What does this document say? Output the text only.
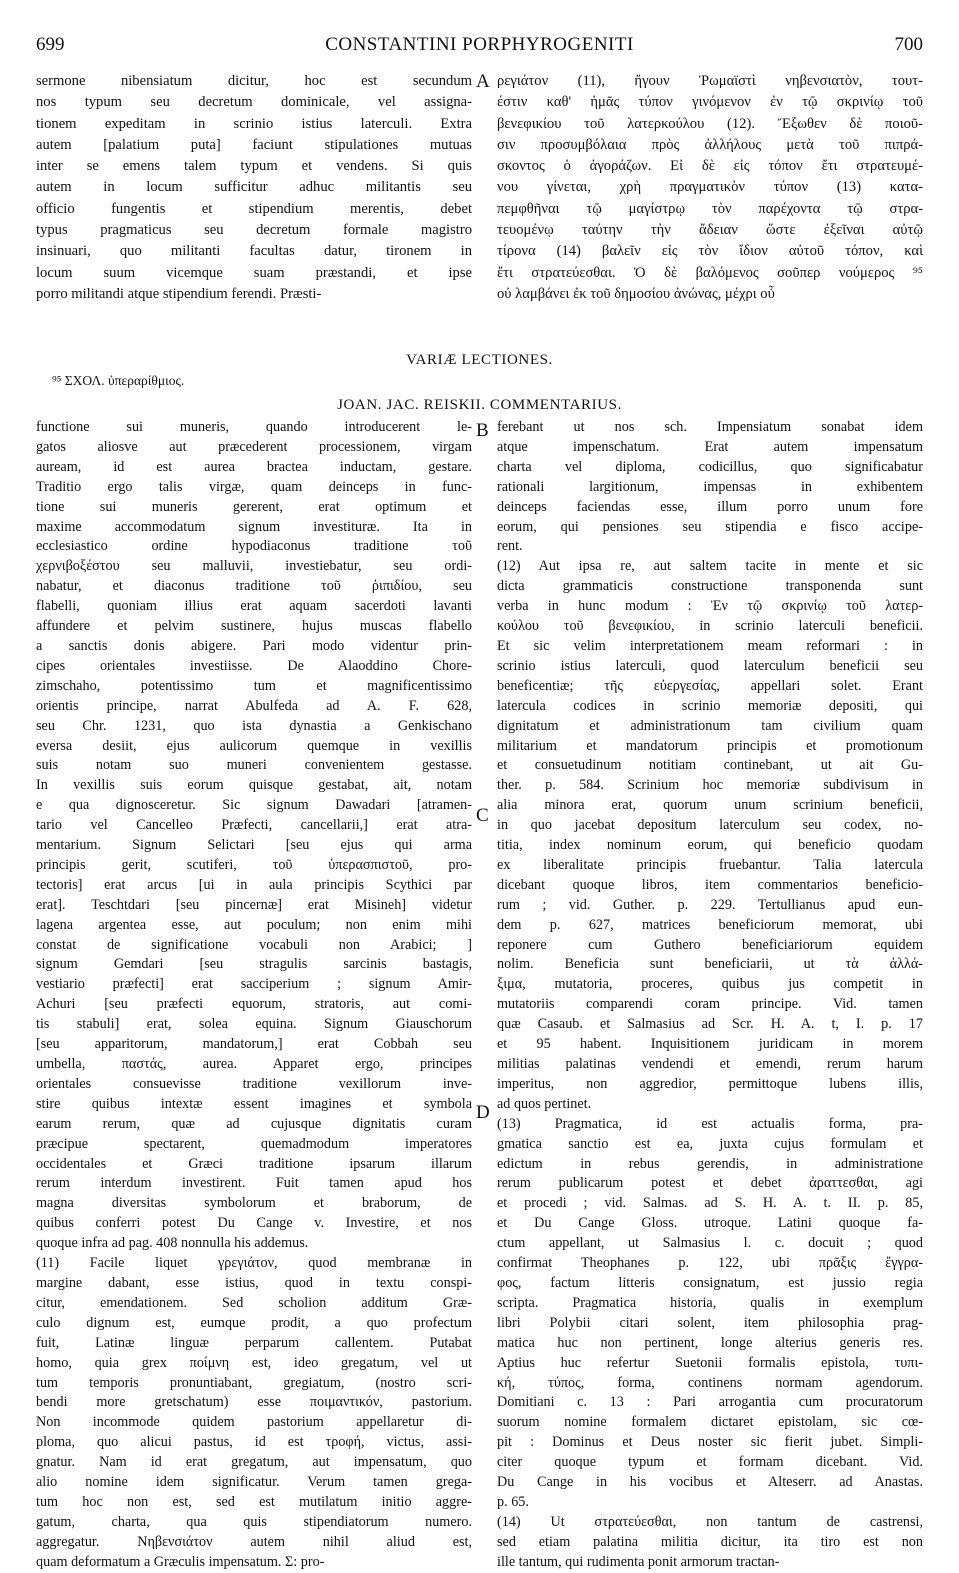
699	CONSTANTINI PORPHYROGENITI	700
sermone nibensiatum dicitur, hoc est secundum
nos typum seu decretum dominicale, vel assigna-
tionem expeditam in scrinio istius laterculi. Extra
autem [palatium puta] faciunt stipulationes mutuas
inter se emens talem typum et vendens. Si quis
autem in locum sufficitur adhuc militantis seu
officio fungentis et stipendium merentis, debet
typus pragmaticus seu decretum formale magistro
insinuari, quo militanti facultas datur, tironem in
locum suum vicemque suam præstandi, et ipse
porro militandi atque stipendium ferendi. Præsti-
A ρεγιάτον (11), ἤγουν Ῥωμαϊστὶ νηβενσιατὸν, τουτ-
έστιν καθ' ἡμᾶς τύπον γινόμενον ἐν τῷ σκρινίῳ τοῦ
βενεφικίου τοῦ λατερκούλου (12). Ἔξωθεν δὲ ποιοῦ-
σιν προσυμβόλαια πρὸς ἀλλήλους μετὰ τοῦ πιπρά-
σκοντος ὁ ἀγοράζων. Εἰ δὲ εἰς τόπον ἔτι στρατευμέ-
νου γίνεται, χρὴ πραγματικὸν τύπον (13) κατα-
πεμφθῆναι τῷ μαγίστρῳ τὸν παρέχοντα τῷ στρα-
τευομένῳ ταύτην τὴν ἄδειαν ὥστε ἐξεῖναι αὐτῷ
τίρονα (14) βαλεῖν εἰς τὸν ἴδιον αὐτοῦ τόπον, καὶ
ἔτι στρατεύεσθαι. Ὁ δὲ βαλόμενος σοῦπερ νούμερος ⁹⁵
οὐ λαμβάνει ἐκ τοῦ δημοσίου ἀνώνας, μέχρι οὗ
VARIÆ LECTIONES.
⁹⁵ ΣΧΟΛ. ὑπεραρίθμιος.
JOAN. JAC. REISKII. COMMENTARIUS.
functione sui muneris, quando introducerent le-
gatos aliosve aut præcederent processionem, virgam
auream, id est aurea bractea inductam, gestare.
Traditio ergo talis virgæ, quam deinceps in func-
tione sui muneris gererent, erat optimum et
maxime accommodatum signum investituræ. Ita in
ecclesiastico ordine hypodiaconus traditione τοῦ
χερνιβοξέστου seu malluvii, investiebatur, seu ordi-
nabatur, et diaconus traditione τοῦ ῥιπιδίου, seu
flabelli, quoniam illius erat aquam sacerdoti lavanti
affundere et pelvim sustinere, hujus muscas flabello
a sanctis donis abigere. Pari modo videntur prin-
cipes orientales investiisse. De Alaoddino Chore-
zimschaho, potentissimo tum et magnificentissimo
orientis principe, narrat Abulfeda ad A. F. 628,
seu Chr. 1231, quo ista dynastia a Genkischano
eversa desiit, ejus aulicorum quemque in vexillis
suis notam suo muneri convenientem gestasse.
In vexillis suis eorum quisque gestabat, ait, notam
e qua dignosceretur. Sic signum Dawadari [atramen-
tario vel Cancelleo Præfecti, cancellarii,] erat atra-
mentarium. Signum Selictari [seu ejus qui arma
principis gerit, scutiferi, τοῦ ὑπερασπιστοῦ, pro-
tectoris] erat arcus [ui in aula principis Scythici par
erat]. Teschtdari [seu pincernæ] erat Misineh] videtur
lagena argentea esse, aut poculum; non enim mihi
constat de significatione vocabuli non Arabici; ]
signum Gemdari [seu stragulis sarcinis bastagis,
vestiario præfecti] erat sacciperium ; signum Amir-
Achuri [seu præfecti equorum, stratoris, aut comi-
tis stabuli] erat, solea equina. Signum Giauschorum
[seu apparitorum, mandatorum,] erat Cobbah seu
umbella, παστάς, aurea. Apparet ergo, principes
orientales consuevisse traditione vexillorum inve-
stire quibus intextæ essent imagines et symbola
earum rerum, quæ ad cujusque dignitatis curam
præcipue spectarent, quemadmodum imperatores
occidentales et Græci traditione ipsarum illarum
rerum interdum investirent. Fuit tamen apud hos
magna diversitas symbolorum et braborum, de
quibus conferri potest Du Cange v. Investire, et nos
quoque infra ad pag. 408 nonnulla his addemus.
(11) Facile liquet γρεγιάτον, quod membranæ in
margine dabant, esse istius, quod in textu conspi-
citur, emendationem. Sed scholion additum Græ-
culo dignum est, eumque prodit, a quo profectum
fuit, Latinæ linguæ perparum callentem. Putabat
homo, quia grex ποίμνη est, ideo gregatum, vel ut
tum temporis pronuntiabant, gregiatum, (nostro scri-
bendi more gretschatum) esse ποιμαντικόν, pastorium.
Non incommode quidem pastorium appellaretur di-
ploma, quo alicui pastus, id est τροφή, victus, assi-
gnatur. Nam id erat gregatum, aut impensatum, quo
alio nomine idem significatur. Verum tamen grega-
tum hoc non est, sed est mutilatum initio aggre-
gatum, charta, qua quis stipendiatorum numero.
aggregatur. Νηβενσιάτον autem nihil aliud est,
quam deformatum a Græculis impensatum. Σ: pro-
B
C
D
ferebant ut nos sch. Impensiatum sonabat idem
atque impenschatum. Erat autem impensatum
charta vel diploma, codicillus, quo significabatur
rationali largitionum, impensas in exhibentem
deinceps faciendas esse, illum porro unum fore
eorum, qui pensiones seu stipendia e fisco accipe-
rent.
(12) Aut ipsa re, aut saltem tacite in mente et sic
dicta grammaticis constructione transponenda sunt
verba in hunc modum : Ἐν τῷ σκρινίῳ τοῦ λατερ-
κούλου τοῦ βενεφικίου, in scrinio laterculi beneficii.
Et sic velim interpretationem meam reformari : in
scrinio istius laterculi, quod laterculum beneficii seu
beneficentiæ; τῆς εὐεργεσίας, appellari solet. Erant
latercula codices in scrinio memoriæ depositi, qui
dignitatum et administrationum tam civilium quam
militarium et mandatorum principis et promotionum
et consuetudinum notitiam continebant, ut ait Gu-
ther. p. 584. Scrinium hoc memoriæ subdivisum in
alia minora erat, quorum unum scrinium beneficii,
in quo jacebat depositum laterculum seu codex, no-
titia, index nominum eorum, qui beneficio quodam
ex liberalitate principis fruebantur. Talia latercula
dicebant quoque libros, item commentarios beneficio-
rum ; vid. Guther. p. 229. Tertullianus apud eun-
dem p. 627, matrices beneficiorum memorat, ubi
reponere cum Guthero beneficiariorum equidem
nolim. Beneficia sunt beneficiarii, ut τὰ ἀλλά-
ξιμα, mutatoria, proceres, quibus jus competit in
mutatoriis comparendi coram principe. Vid. tamen
quæ Casaub. et Salmasius ad Scr. H. A. t, I. p. 17
et 95 habent. Inquisitionem juridicam in morem
militias palatinas vendendi et emendi, rerum harum
imperitus, non aggredior, permittoque lubens illis,
ad quos pertinet.
(13) Pragmatica, id est actualis forma, pra-
gmatica sanctio est ea, juxta cujus formulam et
edictum in rebus gerendis, in administratione
rerum publicarum potest et debet ἀραττεσθαι, agi
et procedi ; vid. Salmas. ad S. H. A. t. II. p. 85,
et Du Cange Gloss. utroque. Latini quoque fa-
ctum appellant, ut Salmasius l. c. docuit ; quod
confirmat Theophanes p. 122, ubi πρᾶξις ἔγγρα-
φος, factum litteris consignatum, est jussio regia
scripta. Pragmatica historia, qualis in exemplum
libri Polybii citari solent, item philosophia prag-
matica huc non pertinent, longe alterius generis res.
Aptius huc refertur Suetonii formalis epistola, τυπι-
κή, τύπος, forma, continens normam agendorum.
Domitiani c. 13 : Pari arrogantia cum procuratorum
suorum nomine formalem dictaret epistolam, sic cœ-
pit : Dominus et Deus noster sic fierit jubet. Simpli-
citer quoque typum et formam dicebant. Vid.
Du Cange in his vocibus et Alteserr. ad Anastas.
p. 65.
(14) Ut στρατεύεσθαι, non tantum de castrensi,
sed etiam palatina militia dicitur, ita tiro est non
ille tantum, qui rudimenta ponit armorum tractan-
